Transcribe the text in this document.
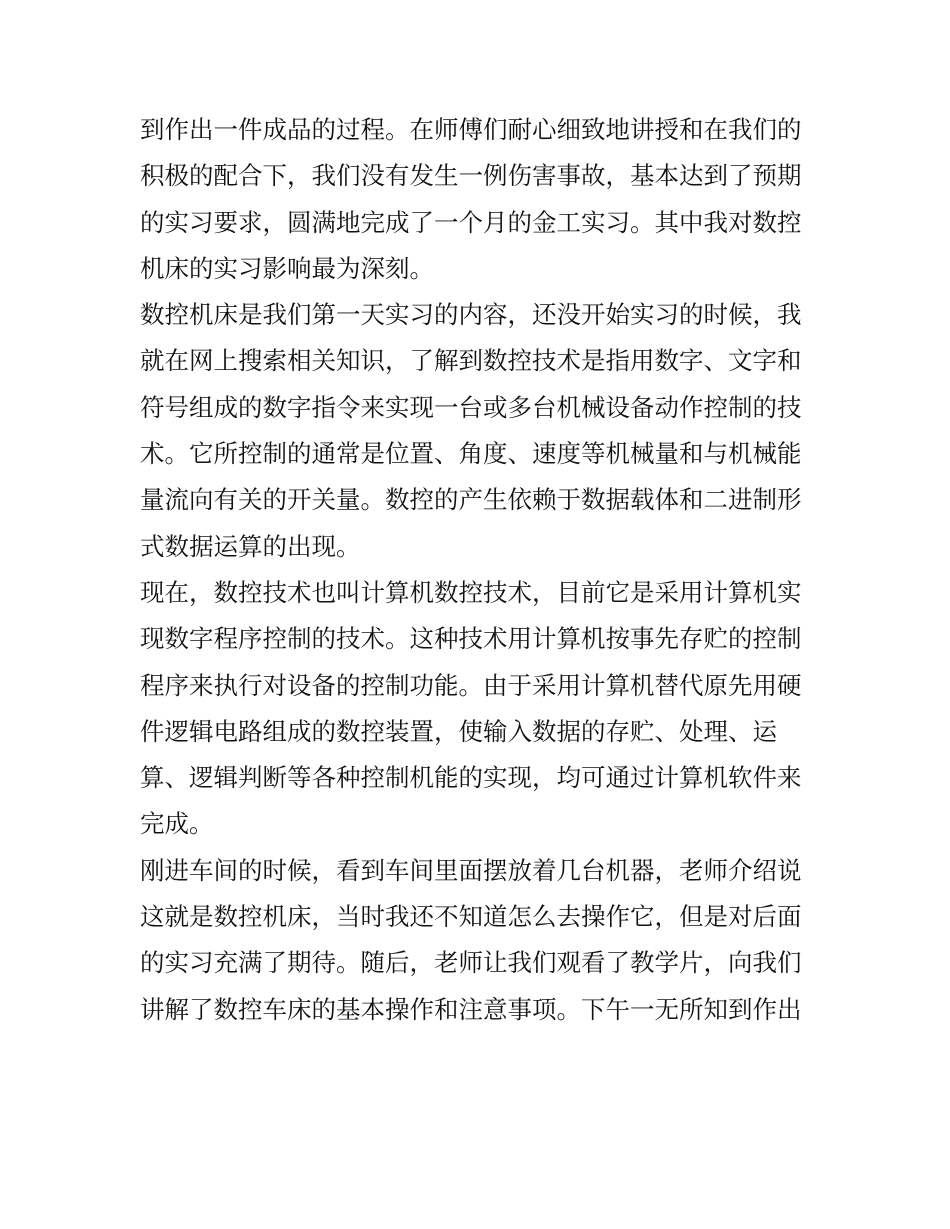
到作出一件成品的过程。在师傅们耐心细致地讲授和在我们的
积极的配合下，我们没有发生一例伤害事故，基本达到了预期
的实习要求，圆满地完成了一个月的金工实习。其中我对数控
机床的实习影响最为深刻。
数控机床是我们第一天实习的内容，还没开始实习的时候，我
就在网上搜索相关知识，了解到数控技术是指用数字、文字和
符号组成的数字指令来实现一台或多台机械设备动作控制的技
术。它所控制的通常是位置、角度、速度等机械量和与机械能
量流向有关的开关量。数控的产生依赖于数据载体和二进制形
式数据运算的出现。
现在，数控技术也叫计算机数控技术，目前它是采用计算机实
现数字程序控制的技术。这种技术用计算机按事先存贮的控制
程序来执行对设备的控制功能。由于采用计算机替代原先用硬
件逻辑电路组成的数控装置，使输入数据的存贮、处理、运
算、逻辑判断等各种控制机能的实现，均可通过计算机软件来
完成。
刚进车间的时候，看到车间里面摆放着几台机器，老师介绍说
这就是数控机床，当时我还不知道怎么去操作它，但是对后面
的实习充满了期待。随后，老师让我们观看了教学片，向我们
讲解了数控车床的基本操作和注意事项。下午一无所知到作出
